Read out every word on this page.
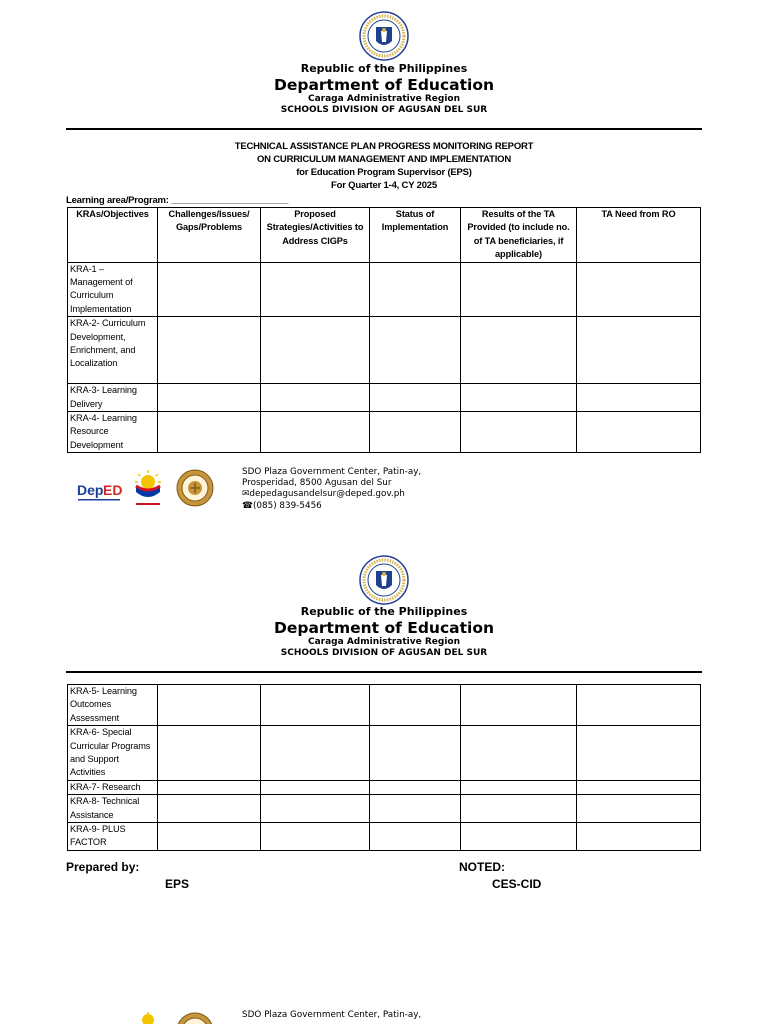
Republic of the Philippines
Department of Education
Caraga Administrative Region
SCHOOLS DIVISION OF AGUSAN DEL SUR
TECHNICAL ASSISTANCE PLAN PROGRESS MONITORING REPORT
ON CURRICULUM MANAGEMENT AND IMPLEMENTATION
for Education Program Supervisor (EPS)
For Quarter 1-4, CY 2025
Learning area/Program: _______________________
KRAs/Objectives	Challenges/Issues/ Gaps/Problems	Proposed Strategies/Activities to Address CIGPs	Status of Implementation	Results of the TA Provided (to include no. of TA beneficiaries, if applicable)	TA Need from RO
KRA-1 – Management of Curriculum Implementation					
KRA-2- Curriculum Development, Enrichment, and Localization					
KRA-3- Learning Delivery					
KRA-4- Learning Resource Development					
Dep ED
SDO Plaza Government Center, Patin-ay,
Prosperidad, 8500 Agusan del Sur
✉depedagusandelsur@deped.gov.ph
☎(085) 839-5456
Republic of the Philippines
Department of Education
Caraga Administrative Region
SCHOOLS DIVISION OF AGUSAN DEL SUR
KRA-5- Learning Outcomes Assessment					
KRA-6- Special Curricular Programs and Support Activities					
KRA-7- Research					
KRA-8- Technical Assistance					
KRA-9- PLUS FACTOR					
Prepared by:
EPS
NOTED:
CES-CID
SDO Plaza Government Center, Patin-ay,
